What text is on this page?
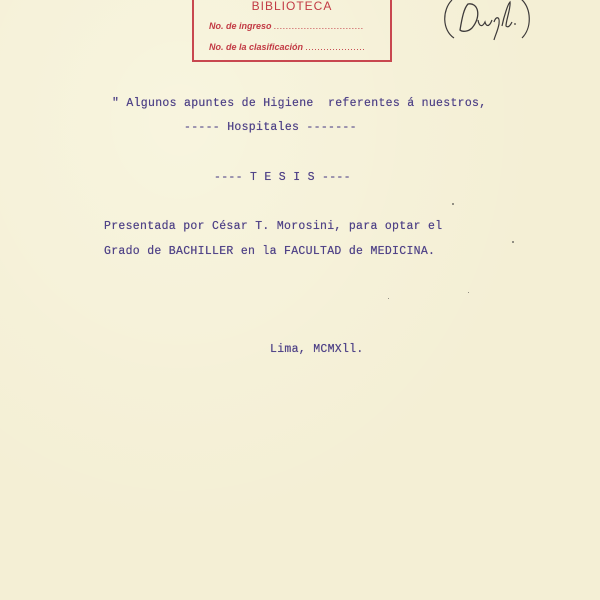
BIBLIOTECA
No. de ingreso ..............................
No. de la clasificación ....................
" Algunos apuntes de Higiene  referentes á nuestros,
----- Hospitales -------
---- T E S I S ----
Presentada por César T. Morosini, para optar el
Grado de BACHILLER en la FACULTAD de MEDICINA.
Lima, MCMXll.
